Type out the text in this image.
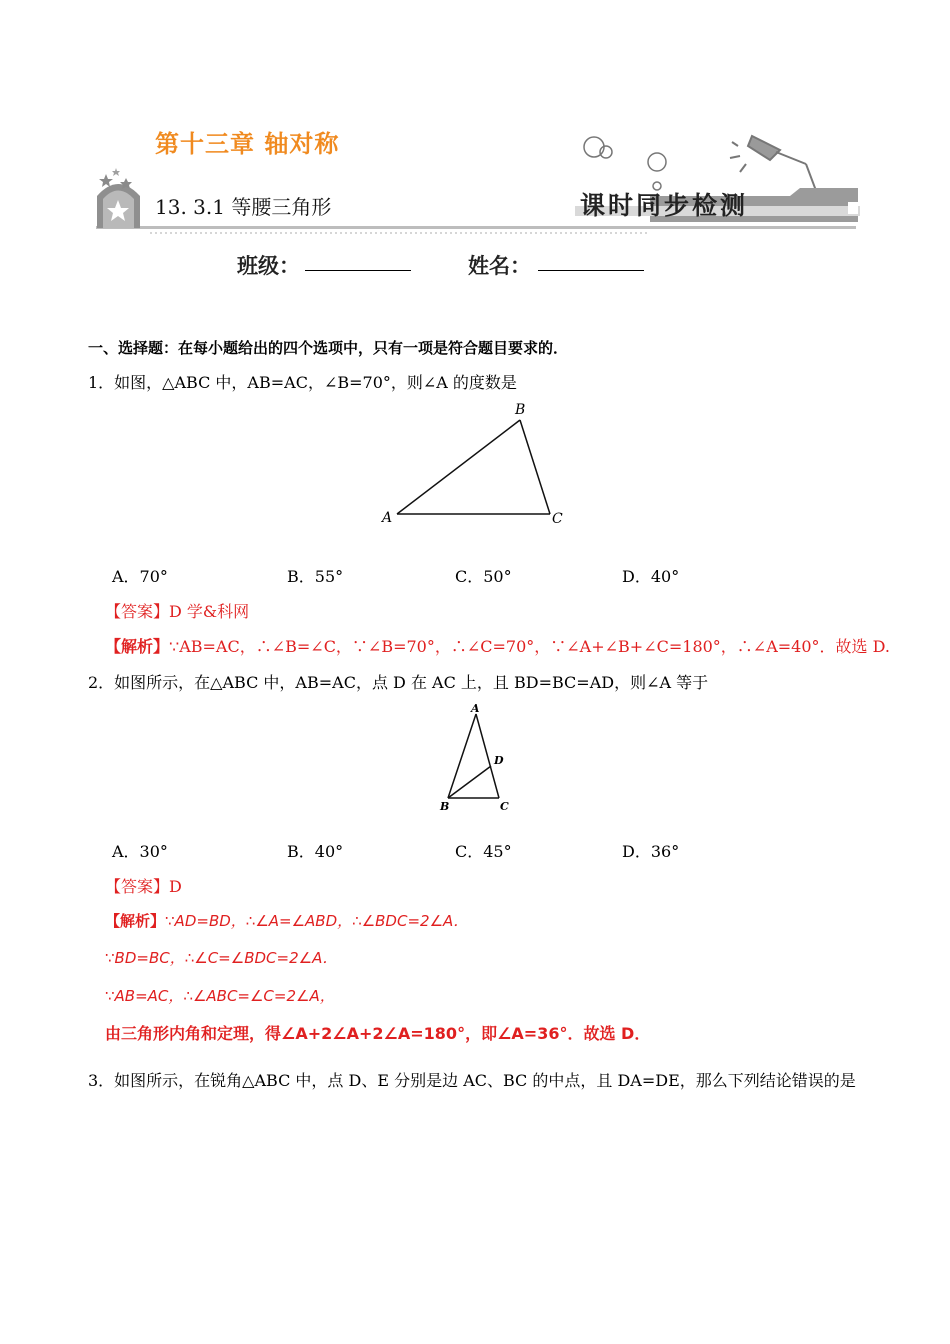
第十三章 轴对称
13. 3.1 等腰三角形	课时同步检测
班级：	姓名：
一、选择题：在每小题给出的四个选项中，只有一项是符合题目要求的．
1．如图，△ABC 中，AB=AC，∠B=70°，则∠A 的度数是
A
B
C
A．70°	B．55°	C．50°	D．40°
【答案】D 学&科网
【解析】∵AB=AC，∴∠B=∠C，∵∠B=70°，∴∠C=70°，∵∠A+∠B+∠C=180°，∴∠A=40°．故选 D.
2．如图所示，在△ABC 中，AB=AC，点 D 在 AC 上，且 BD=BC=AD，则∠A 等于
A
B	C
D
A．30°	B．40°	C．45°	D．36°
【答案】D
【解析】∵AD=BD，∴∠A=∠ABD，∴∠BDC=2∠A．
∵BD=BC，∴∠C=∠BDC=2∠A．
∵AB=AC，∴∠ABC=∠C=2∠A，
由三角形内角和定理，得∠A+2∠A+2∠A=180°，即∠A=36°．故选 D．
3．如图所示，在锐角△ABC 中，点 D、E 分别是边 AC、BC 的中点，且 DA=DE，那么下列结论错误的是
